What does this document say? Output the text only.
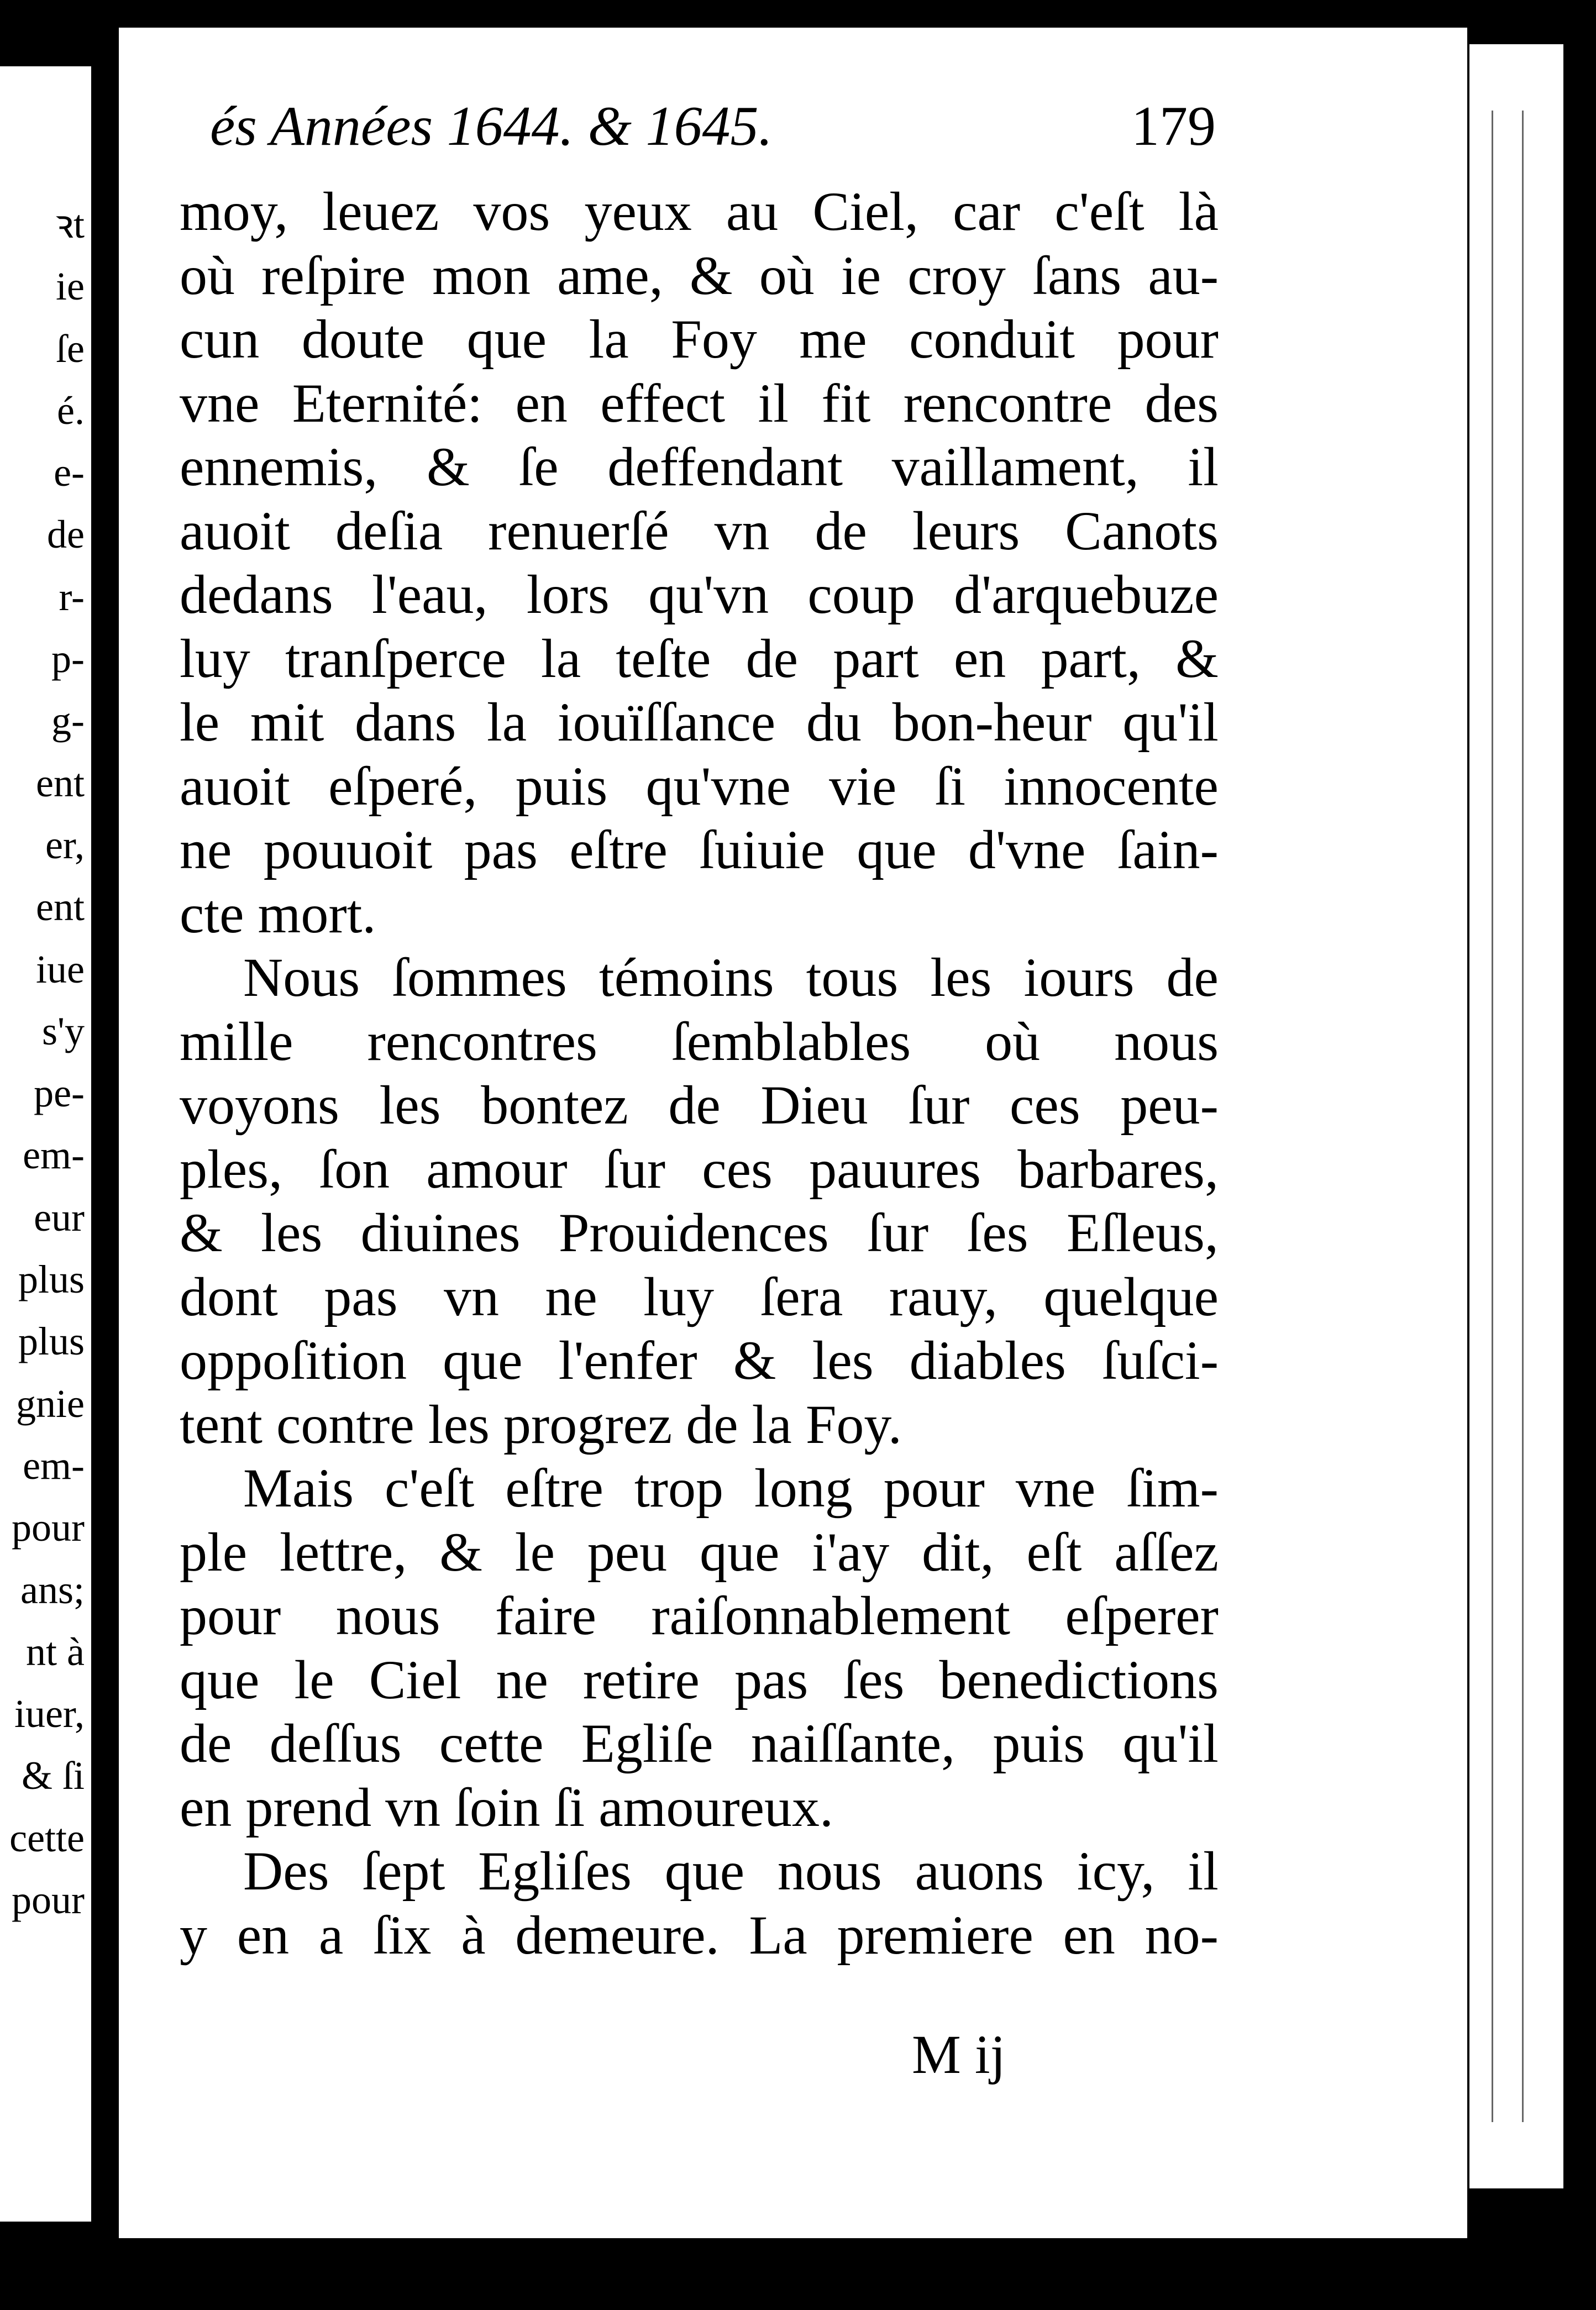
ꝛt
ie
ſe
é.
e-
de
r-
p-
g-
ent
er,
ent
iue
s'y
pe-
em-
eur
plus
plus
gnie
em-
pour
ans;
nt à
iuer,
& ſi
cette
pour
és Années 1644. & 1645.	179
moy, leuez vos yeux au Ciel, car c'eſt là
où reſpire mon ame, & où ie croy ſans au-
cun doute que la Foy me conduit pour
vne Eternité: en effect il fit rencontre des
ennemis, & ſe deffendant vaillament, il
auoit deſia renuerſé vn de leurs Canots
dedans l'eau, lors qu'vn coup d'arquebuze
luy tranſperce la teſte de part en part, &
le mit dans la iouïſſance du bon-heur qu'il
auoit eſperé, puis qu'vne vie ſi innocente
ne pouuoit pas eſtre ſuiuie que d'vne ſain-
cte mort.
Nous ſommes témoins tous les iours de
mille rencontres ſemblables où nous
voyons les bontez de Dieu ſur ces peu-
ples, ſon amour ſur ces pauures barbares,
& les diuines Prouidences ſur ſes Eſleus,
dont pas vn ne luy ſera rauy, quelque
oppoſition que l'enfer & les diables ſuſci-
tent contre les progrez de la Foy.
Mais c'eſt eſtre trop long pour vne ſim-
ple lettre, & le peu que i'ay dit, eſt aſſez
pour nous faire raiſonnablement eſperer
que le Ciel ne retire pas ſes benedictions
de deſſus cette Egliſe naiſſante, puis qu'il
en prend vn ſoin ſi amoureux.
Des ſept Egliſes que nous auons icy, il
y en a ſix à demeure. La premiere en no-
M ij
